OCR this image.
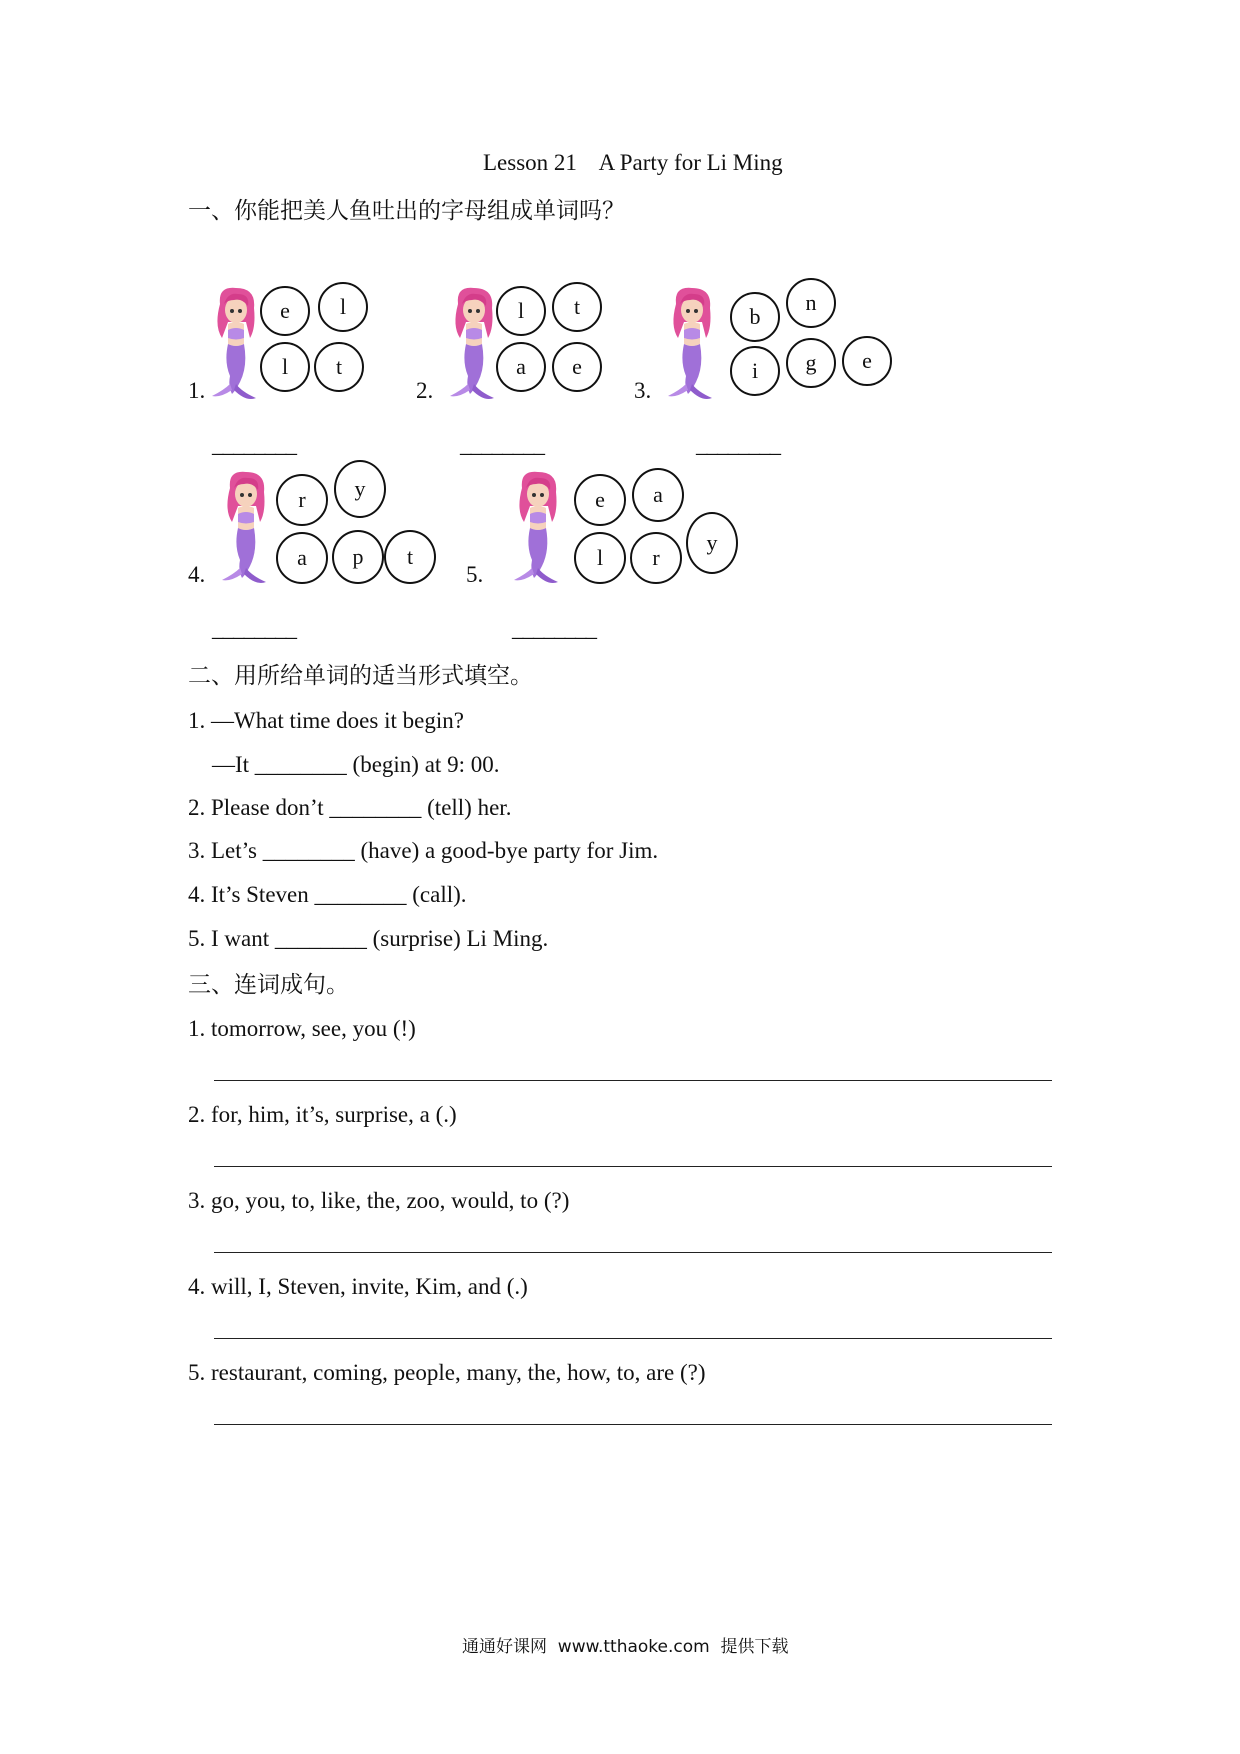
Lesson 21    A Party for Li Ming
一、你能把美人鱼吐出的字母组成单词吗？
e	l
l	t
1.
________
l	t
a	e
2.
________
b
n
i	g	e
3.
________
r	y
a	p	t
4.
________
e	a
l	r
y
5.
________
二、用所给单词的适当形式填空。
1. —What time does it begin?
—It ________ (begin) at 9: 00.
2. Please don’t ________ (tell) her.
3. Let’s ________ (have) a good-bye party for Jim.
4. It’s Steven ________ (call).
5. I want ________ (surprise) Li Ming.
三、连词成句。
1. tomorrow, see, you (!)
2. for, him, it’s, surprise, a (.)
3. go, you, to, like, the, zoo, would, to (?)
4. will, I, Steven, invite, Kim, and (.)
5. restaurant, coming, people, many, the, how, to, are (?)
通通好课网  www.tthaoke.com  提供下载
